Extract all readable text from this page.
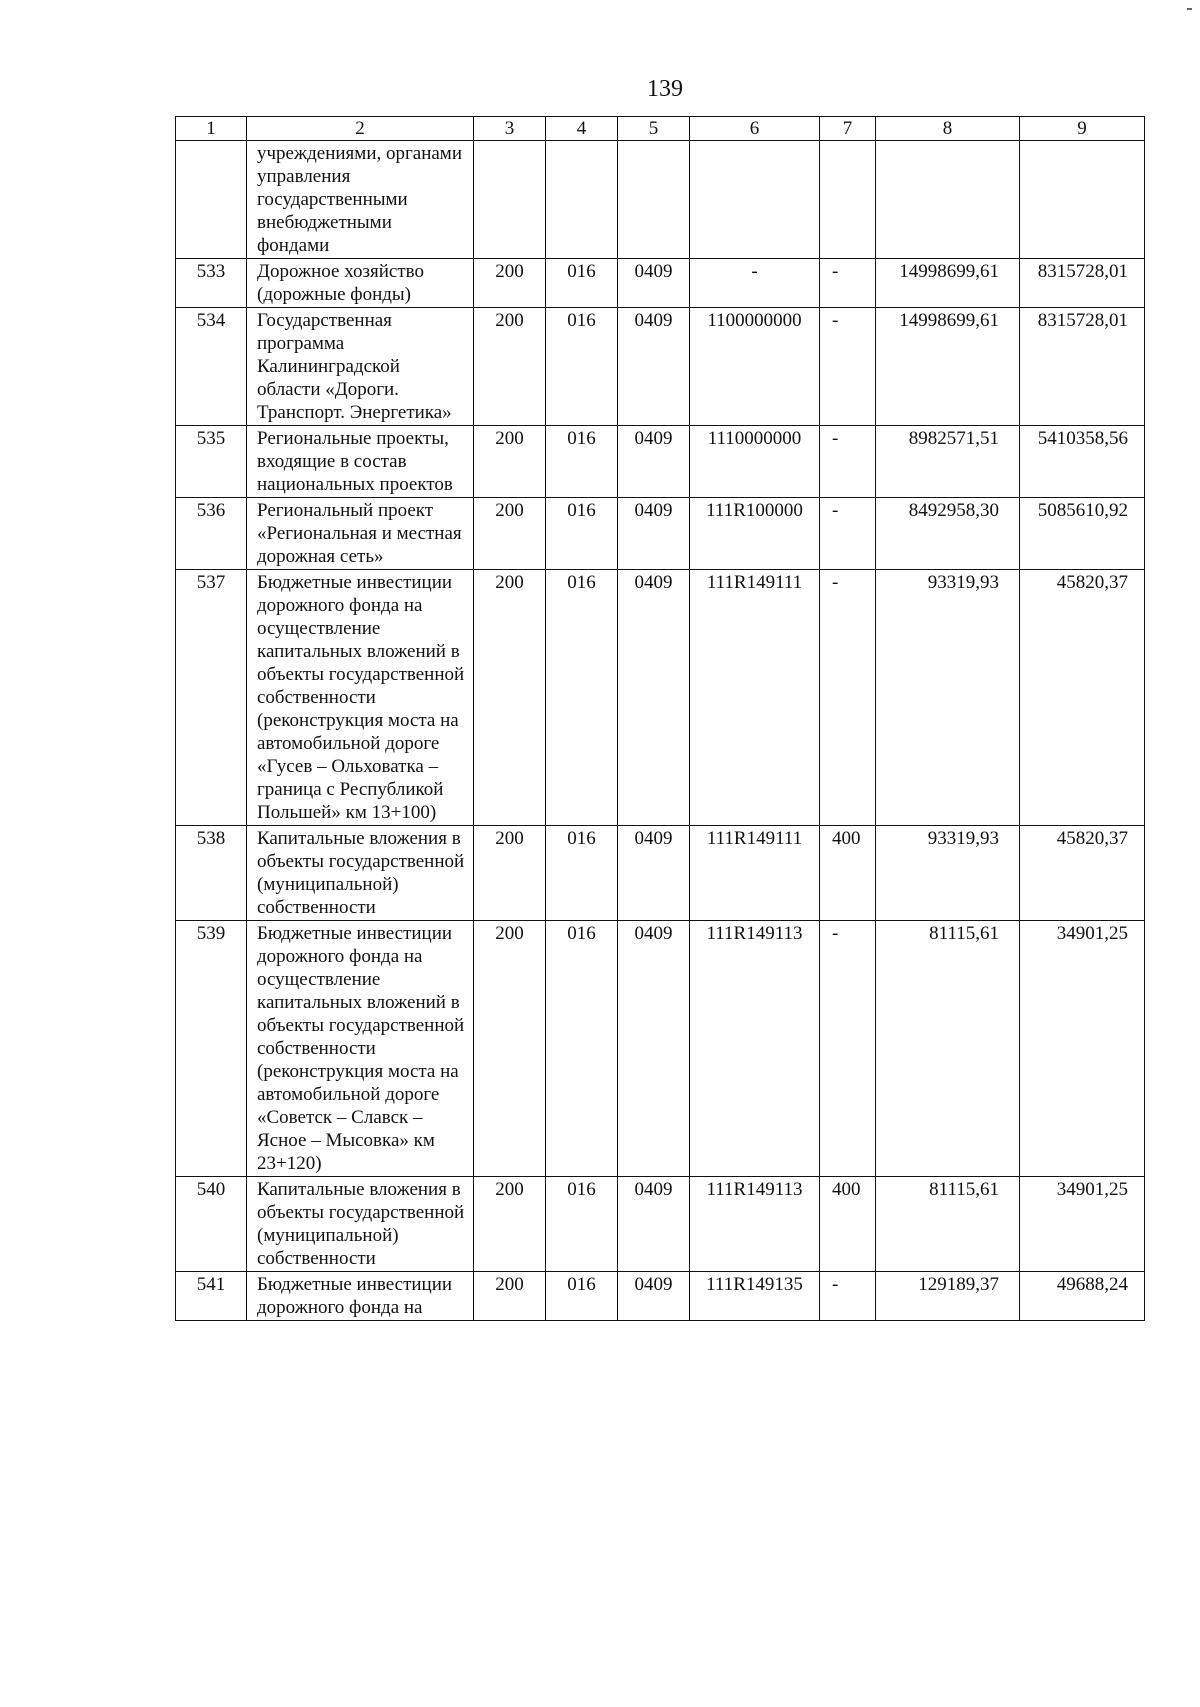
139
1	2	3	4	5	6	7	8	9
	учреждениями, органами управления государственными внебюджетными фондами							
533	Дорожное хозяйство (дорожные фонды)	200	016	0409	-	-	14998699,61	8315728,01
534	Государственная программа Калининградской области «Дороги. Транспорт. Энергетика»	200	016	0409	1100000000	-	14998699,61	8315728,01
535	Региональные проекты, входящие в состав национальных проектов	200	016	0409	1110000000	-	8982571,51	5410358,56
536	Региональный проект «Региональная и местная дорожная сеть»	200	016	0409	111R100000	-	8492958,30	5085610,92
537	Бюджетные инвестиции дорожного фонда на осуществление капитальных вложений в объекты государственной собственности (реконструкция моста на автомобильной дороге «Гусев – Ольховатка – граница с Республикой Польшей» км 13+100)	200	016	0409	111R149111	-	93319,93	45820,37
538	Капитальные вложения в объекты государственной (муниципальной) собственности	200	016	0409	111R149111	400	93319,93	45820,37
539	Бюджетные инвестиции дорожного фонда на осуществление капитальных вложений в объекты государственной собственности (реконструкция моста на автомобильной дороге «Советск – Славск – Ясное – Мысовка» км 23+120)	200	016	0409	111R149113	-	81115,61	34901,25
540	Капитальные вложения в объекты государственной (муниципальной) собственности	200	016	0409	111R149113	400	81115,61	34901,25
541	Бюджетные инвестиции дорожного фонда на	200	016	0409	111R149135	-	129189,37	49688,24
